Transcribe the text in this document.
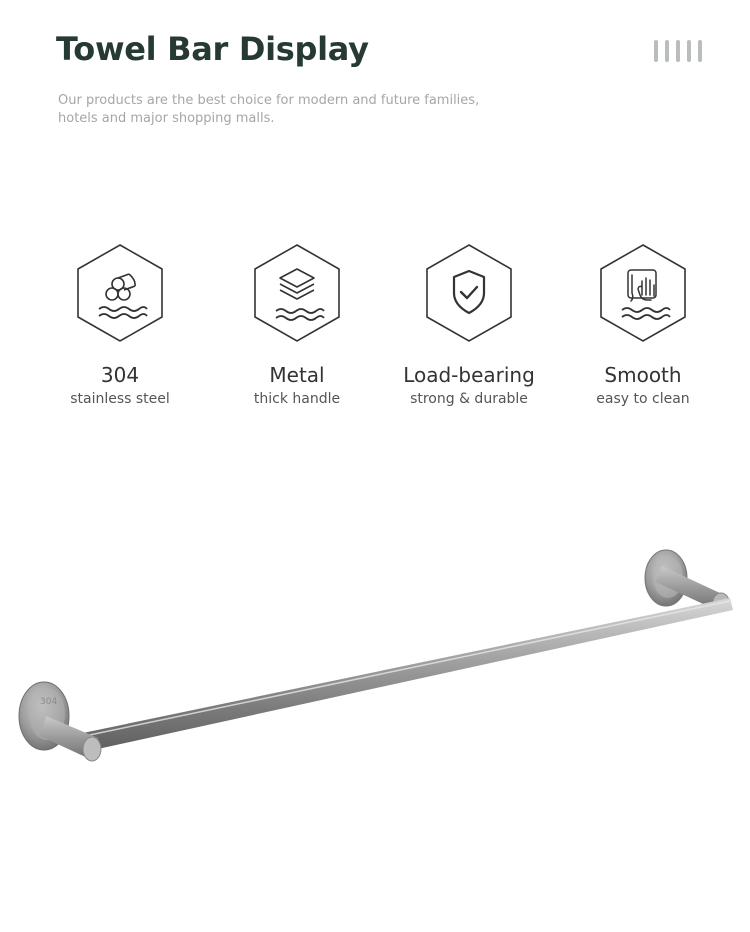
Towel Bar Display
Our products are the best choice for modern and future families,
hotels and major shopping malls.
304
stainless steel
Metal
thick handle
Load-bearing
strong & durable
Smooth
easy to clean
304
